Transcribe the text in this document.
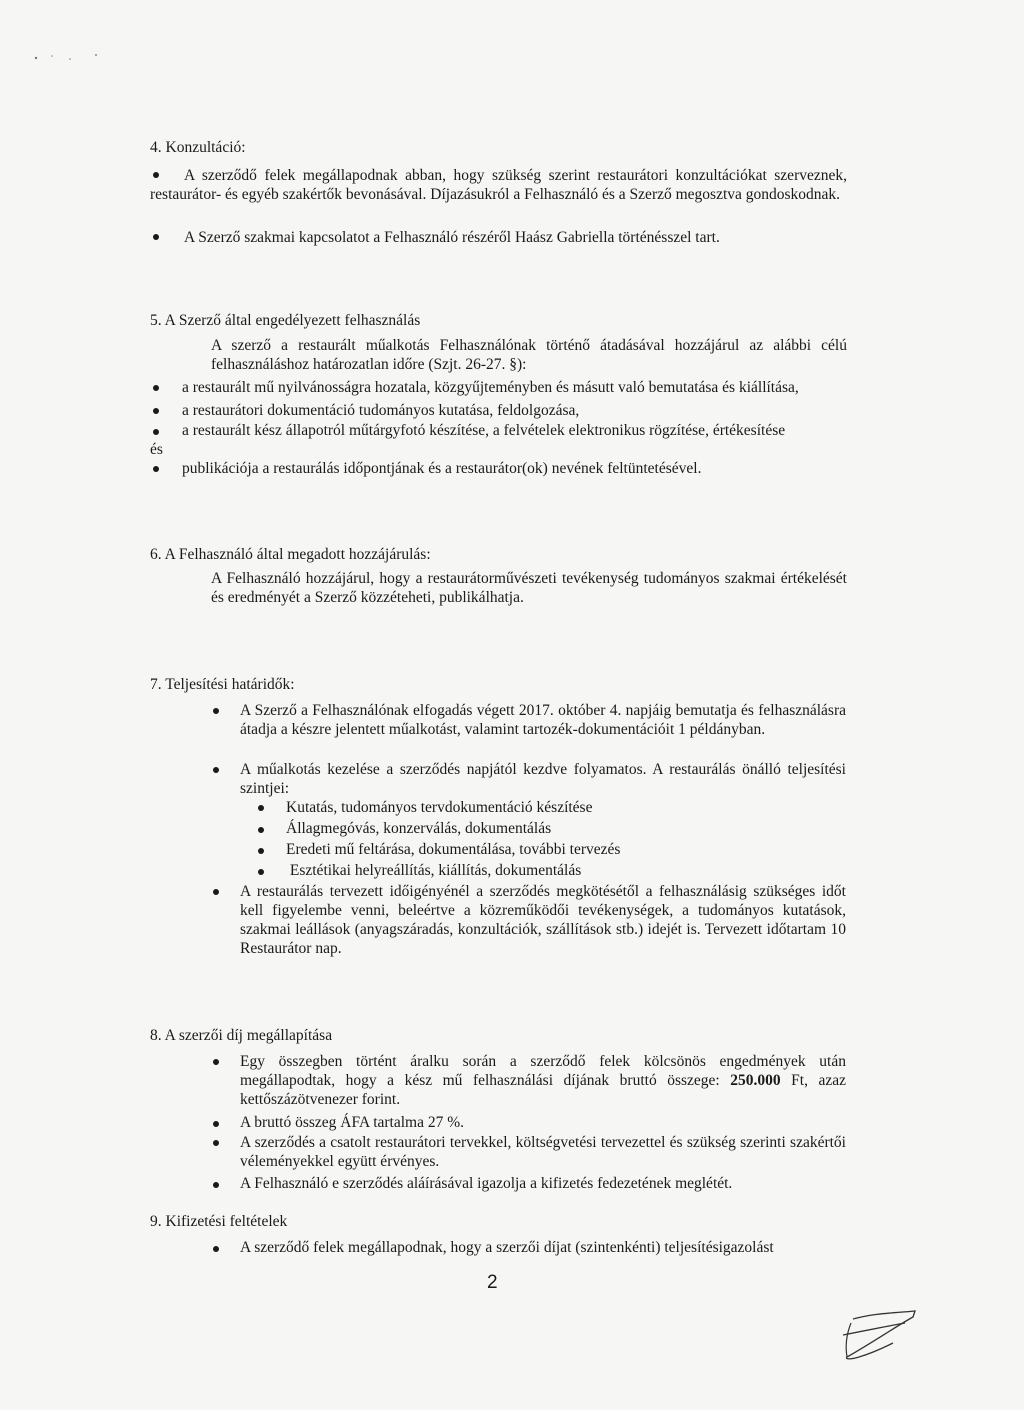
4. Konzultáció:
A szerződő felek megállapodnak abban, hogy szükség szerint restaurátori konzultációkat szerveznek, restaurátor- és egyéb szakértők bevonásával. Díjazásukról a Felhasználó és a Szerző megosztva gondoskodnak.
A Szerző szakmai kapcsolatot a Felhasználó részéről Haász Gabriella történésszel tart.
5. A Szerző által engedélyezett felhasználás
A szerző a restaurált műalkotás Felhasználónak történő átadásával hozzájárul az alábbi célú felhasználáshoz határozatlan időre (Szjt. 26-27. §):
a restaurált mű nyilvánosságra hozatala, közgyűjteményben és másutt való bemutatása és kiállítása,
a restaurátori dokumentáció tudományos kutatása, feldolgozása,
a restaurált kész állapotról műtárgyfotó készítése, a felvételek elektronikus rögzítése, értékesítése
és
publikációja a restaurálás időpontjának és a restaurátor(ok) nevének feltüntetésével.
6. A Felhasználó által megadott hozzájárulás:
A Felhasználó hozzájárul, hogy a restaurátorművészeti tevékenység tudományos szakmai értékelését és eredményét a Szerző közzéteheti, publikálhatja.
7. Teljesítési határidők:
A Szerző a Felhasználónak elfogadás végett 2017. október 4. napjáig bemutatja és felhasználásra átadja a készre jelentett műalkotást, valamint tartozék-dokumentációit 1 példányban.
A műalkotás kezelése a szerződés napjától kezdve folyamatos. A restaurálás önálló teljesítési szintjei:
Kutatás, tudományos tervdokumentáció készítése
Állagmegóvás, konzerválás, dokumentálás
Eredeti mű feltárása, dokumentálása, további tervezés
Esztétikai helyreállítás, kiállítás, dokumentálás
A restaurálás tervezett időigényénél a szerződés megkötésétől a felhasználásig szükséges időt kell figyelembe venni, beleértve a közreműködői tevékenységek, a tudományos kutatások, szakmai leállások (anyagszáradás, konzultációk, szállítások stb.) idejét is. Tervezett időtartam 10 Restaurátor nap.
8. A szerzői díj megállapítása
Egy összegben történt áralku során a szerződő felek kölcsönös engedmények után megállapodtak, hogy a kész mű felhasználási díjának bruttó összege: 250.000 Ft, azaz kettőszázötvenezer forint.
A bruttó összeg ÁFA tartalma 27 %.
A szerződés a csatolt restaurátori tervekkel, költségvetési tervezettel és szükség szerinti szakértői véleményekkel együtt érvényes.
A Felhasználó e szerződés aláírásával igazolja a kifizetés fedezetének meglétét.
9. Kifizetési feltételek
A szerződő felek megállapodnak, hogy a szerzői díjat (szintenkénti) teljesítésigazolást
2
